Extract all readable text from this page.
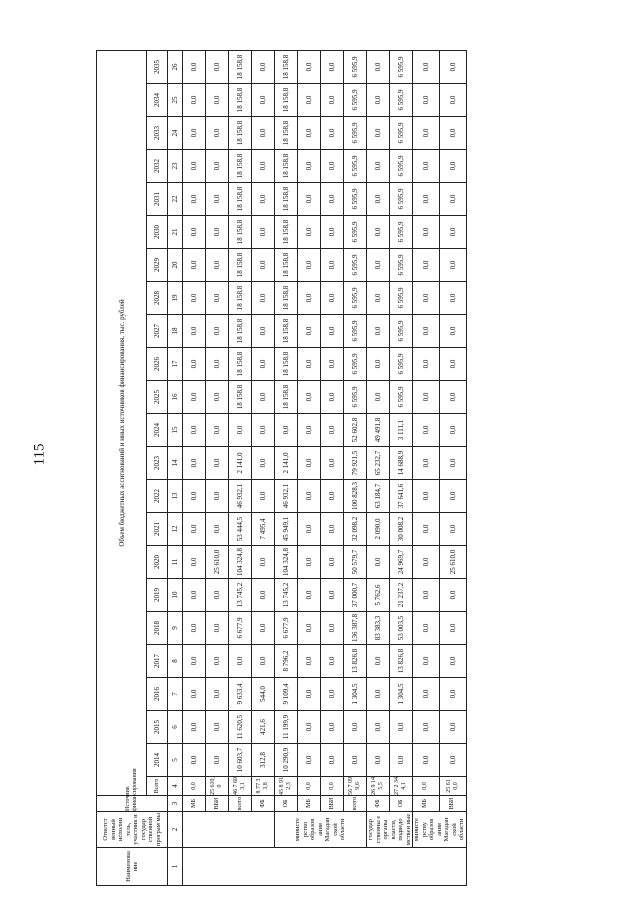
115
Наименова ние	Ответст венный исполни тель, участник и государ ственной програм мы	Источник финансирования	Объем бюджетных ассигнований и иных источников финансирования, тыс. рублей																						
			Всего	2014	2015	2016	2017	2018	2019	2020	2021	2022	2023	2024	2025	2026	2027	2028	2029	2030	2031	2032	2033	2034	2035
1	2	3	4	5	6	7	8	9	10	11	12	13	14	15	16	17	18	19	20	21	22	23	24	25	26
		МБ	0,0	0,0	0,0	0,0	0,0	0,0	0,0	0,0	0,0	0,0	0,0	0,0	0,0	0,0	0,0	0,0	0,0	0,0	0,0	0,0	0,0	0,0	0,0
		ВБИ	25 610,0	0,0	0,0	0,0	0,0	0,0	0,0	25 610,0	0,0	0,0	0,0	0,0	0,0	0,0	0,0	0,0	0,0	0,0	0,0	0,0	0,0	0,0	0,0
		всего	46 7 603,1	10 603,7	11 620,5	9 633,4	0,0	6 677,9	13 745,2	104 324,8	53 444,5	46 932,1	2 141,0	0,0	18 158,8	18 158,8	18 158,8	18 158,8	18 158,8	18 158,8	18 158,8	18 158,8	18 158,8	18 158,8	18 158,8
		ФБ	8 77 3 3,8	312,8	421,6	544,0	0,0	0,0	0,0	0,0	7 495,4	0,0	0,0	0,0	0,0	0,0	0,0	0,0	0,0	0,0	0,0	0,0	0,0	0,0	0,0
	министе рство образов ания Магадан ской области	ОБ	45 8 91 2,3	10 290,9	11 199,9	9 109,4	8 796,2	6 677,9	13 745,2	104 324,8	45 949,1	46 932,1	2 141,0	0,0	18 158,8	18 158,8	18 158,8	18 158,8	18 158,8	18 158,8	18 158,8	18 158,8	18 158,8	18 158,8	18 158,8
		МБ	0,0	0,0	0,0	0,0	0,0	0,0	0,0	0,0	0,0	0,0	0,0	0,0	0,0	0,0	0,0	0,0	0,0	0,0	0,0	0,0	0,0	0,0	0,0
		ВБИ	0,0	0,0	0,0	0,0	0,0	0,0	0,0	0,0	0,0	0,0	0,0	0,0	0,0	0,0	0,0	0,0	0,0	0,0	0,0	0,0	0,0	0,0	0,0
		всего	56 7 09 9,6	0,0	0,0	1 304,5	13 826,8	136 387,8	37 000,7	50 579,7	32 098,2	100 828,3	79 921,5	52 602,8	6 595,9	6 595,9	6 595,9	6 595,9	6 595,9	6 595,9	6 595,9	6 595,9	6 595,9	6 595,9	6 595,9
	государ ственны е органы власти, подведо мствен ные	ФБ	26 9 14 5,5	0,0	0,0	0,0	0,0	83 383,3	5 762,6	0,0	2 090,0	63 184,7	65 232,7	49 491,8	0,0	0,0	0,0	0,0	0,0	0,0	0,0	0,0	0,0	0,0	0,0
		ОБ	27 2 34 4,1	0,0	0,0	1 304,5	13 826,8	53 003,5	21 237,2	24 969,7	30 008,2	37 641,6	14 688,9	3 111,1	6 595,9	6 595,9	6 595,9	6 595,9	6 595,9	6 595,9	6 595,9	6 595,9	6 595,9	6 595,9	6 595,9
	министе рству образов ания Магадан ской области	МБ	0,0	0,0	0,0	0,0	0,0	0,0	0,0	0,0	0,0	0,0	0,0	0,0	0,0	0,0	0,0	0,0	0,0	0,0	0,0	0,0	0,0	0,0	0,0
		ВБИ	25 61 0,0	0,0	0,0	0,0	0,0	0,0	0,0	25 610,0	0,0	0,0	0,0	0,0	0,0	0,0	0,0	0,0	0,0	0,0	0,0	0,0	0,0	0,0	0,0
